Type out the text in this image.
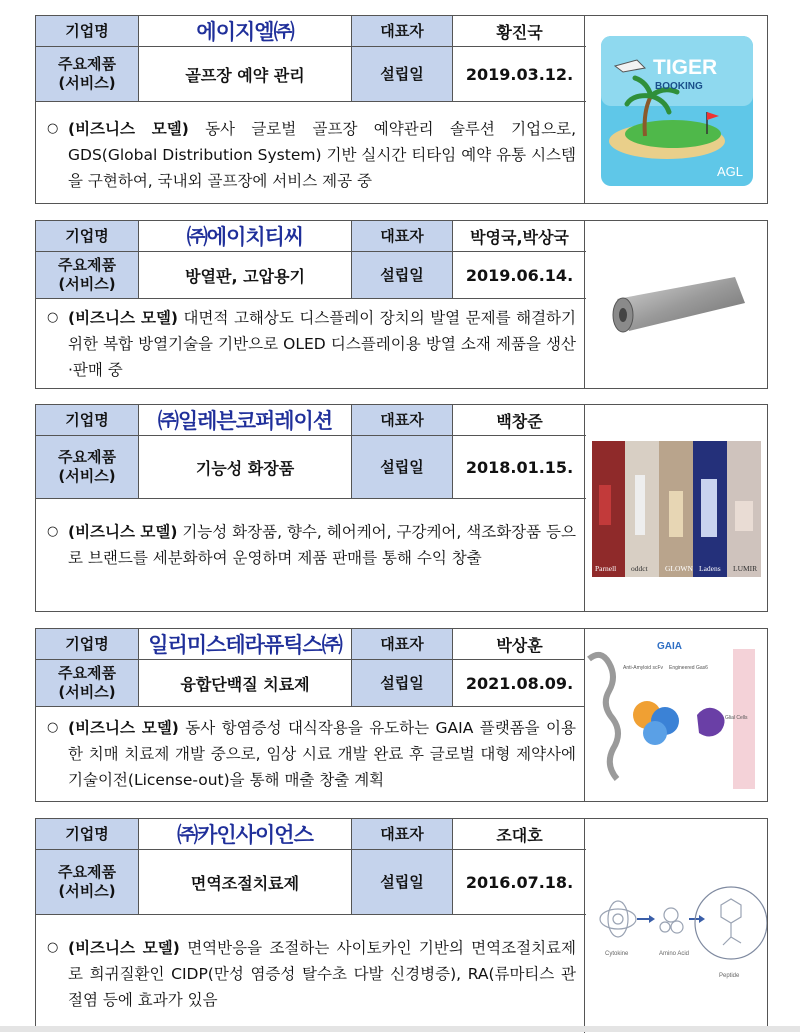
기업명	에이지엘㈜	대표자	황진국
주요제품
(서비스)	골프장 예약 관리	설립일	2019.03.12.
○ (비즈니스 모델) 동사 글로벌 골프장 예약관리 솔루션 기업으로, GDS(Global Distribution System) 기반 실시간 티타임 예약 유통 시스템을 구현하여, 국내외 골프장에 서비스 제공 중
TIGER
BOOKING
AGL
기업명	㈜에이치티씨	대표자	박영국,박상국
주요제품
(서비스)	방열판, 고압용기	설립일	2019.06.14.
○ (비즈니스 모델) 대면적 고해상도 디스플레이 장치의 발열 문제를 해결하기 위한 복합 방열기술을 기반으로 OLED 디스플레이용 방열 소재 제품을 생산·판매 중
기업명	㈜일레븐코퍼레이션	대표자	백창준
주요제품
(서비스)	기능성 화장품	설립일	2018.01.15.
○ (비즈니스 모델) 기능성 화장품, 향수, 헤어케어, 구강케어, 색조화장품 등으로 브랜드를 세분화하여 운영하며 제품 판매를 통해 수익 창출
Parnell oddct GLOWN Ladens LUMIR
기업명	일리미스테라퓨틱스㈜	대표자	박상훈
주요제품
(서비스)	융합단백질 치료제	설립일	2021.08.09.
○ (비즈니스 모델) 동사 항염증성 대식작용을 유도하는 GAIA 플랫폼을 이용한 치매 치료제 개발 중으로, 임상 시료 개발 완료 후 글로벌 대형 제약사에 기술이전(License-out)을 통해 매출 창출 계획
GAIA
Anti-Amyloid scFv Engineered Gas6
Glial Cells
기업명	㈜카인사이언스	대표자	조대호
주요제품
(서비스)	면역조절치료제	설립일	2016.07.18.
○ (비즈니스 모델) 면역반응을 조절하는 사이토카인 기반의 면역조절치료제로 희귀질환인 CIDP(만성 염증성 탈수초 다발 신경병증), RA(류마티스 관절염 등에 효과가 있음
Cytokine	Amino Acid
Peptide
